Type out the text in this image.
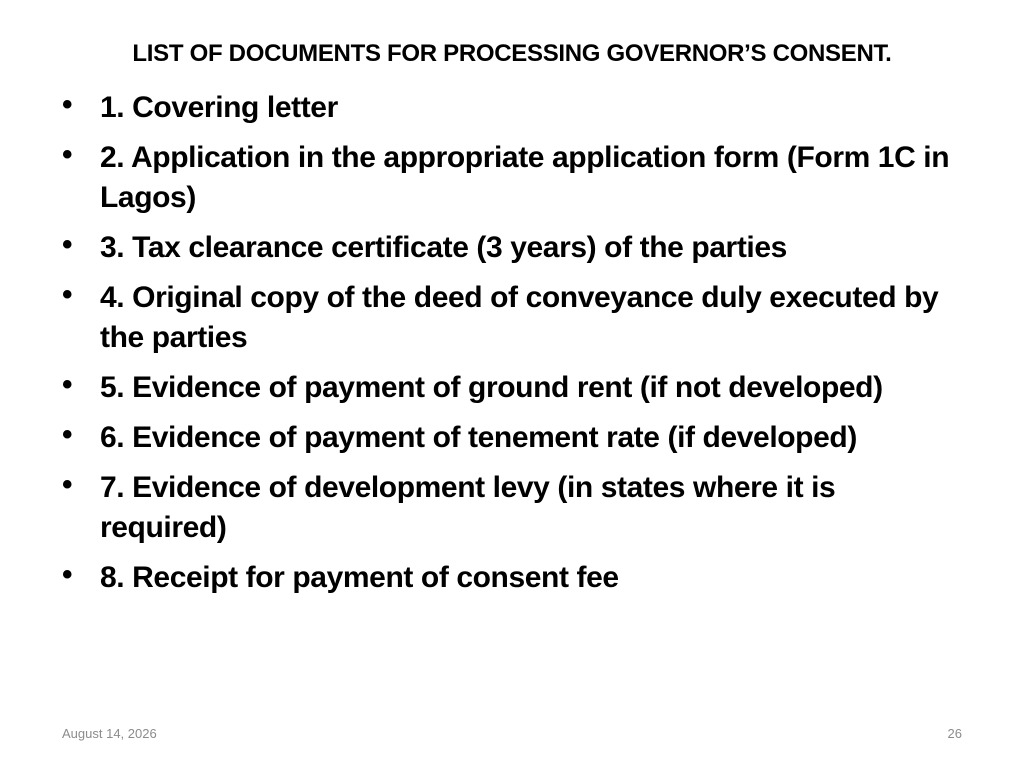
LIST OF DOCUMENTS FOR PROCESSING GOVERNOR’S CONSENT.
• 1. Covering letter
• 2. Application in the appropriate application form (Form 1C in Lagos)
• 3. Tax clearance certificate (3 years) of the parties
• 4. Original copy of the deed of conveyance duly executed by the parties
• 5. Evidence of payment of ground rent (if not developed)
• 6. Evidence of payment of tenement rate (if developed)
• 7. Evidence of development levy (in states where it is required)
• 8. Receipt for payment of consent fee
August 14, 2026	26
